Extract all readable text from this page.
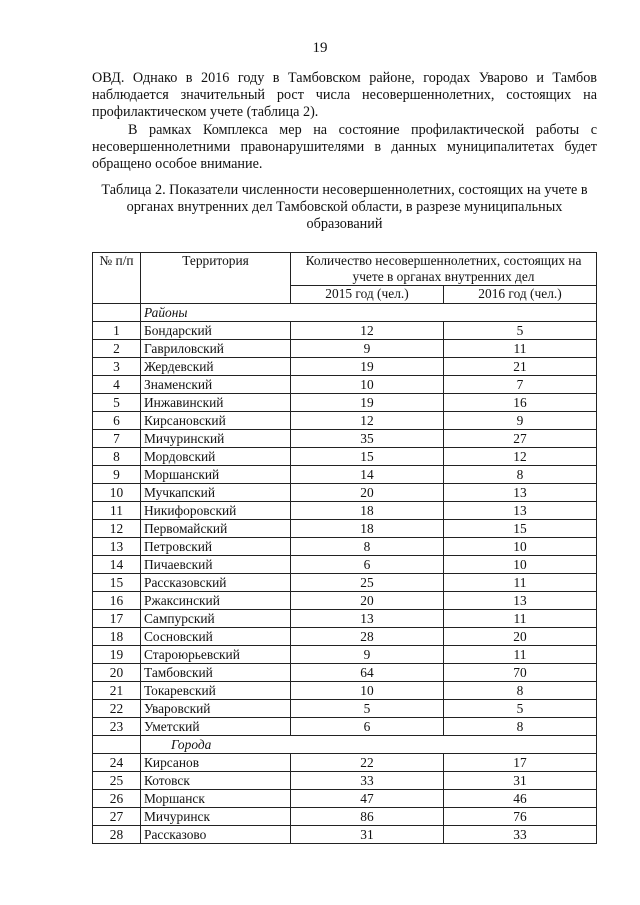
19

ОВД. Однако в 2016 году в Тамбовском районе, городах Уварово и Тамбов наблюдается значительный рост числа несовершеннолетних, состоящих на профилактическом учете (таблица 2).

В рамках Комплекса мер на состояние профилактической работы с несовершеннолетними правонарушителями в данных муниципалитетах будет обращено особое внимание.

Таблица 2. Показатели численности несовершеннолетних, состоящих на учете в органах внутренних дел Тамбовской области, в разрезе муниципальных образований

№ п/п	Территория	Количество несовершеннолетних, состоящих на учете в органах внутренних дел	
		2015 год (чел.)	2016 год (чел.)
	Районы		
1	Бондарский	12	5
2	Гавриловский	9	11
3	Жердевский	19	21
4	Знаменский	10	7
5	Инжавинский	19	16
6	Кирсановский	12	9
7	Мичуринский	35	27
8	Мордовский	15	12
9	Моршанский	14	8
10	Мучкапский	20	13
11	Никифоровский	18	13
12	Первомайский	18	15
13	Петровский	8	10
14	Пичаевский	6	10
15	Рассказовский	25	11
16	Ржаксинский	20	13
17	Сампурский	13	11
18	Сосновский	28	20
19	Староюрьевский	9	11
20	Тамбовский	64	70
21	Токаревский	10	8
22	Уваровский	5	5
23	Уметский	6	8
	Города		
24	Кирсанов	22	17
25	Котовск	33	31
26	Моршанск	47	46
27	Мичуринск	86	76
28	Рассказово	31	33
